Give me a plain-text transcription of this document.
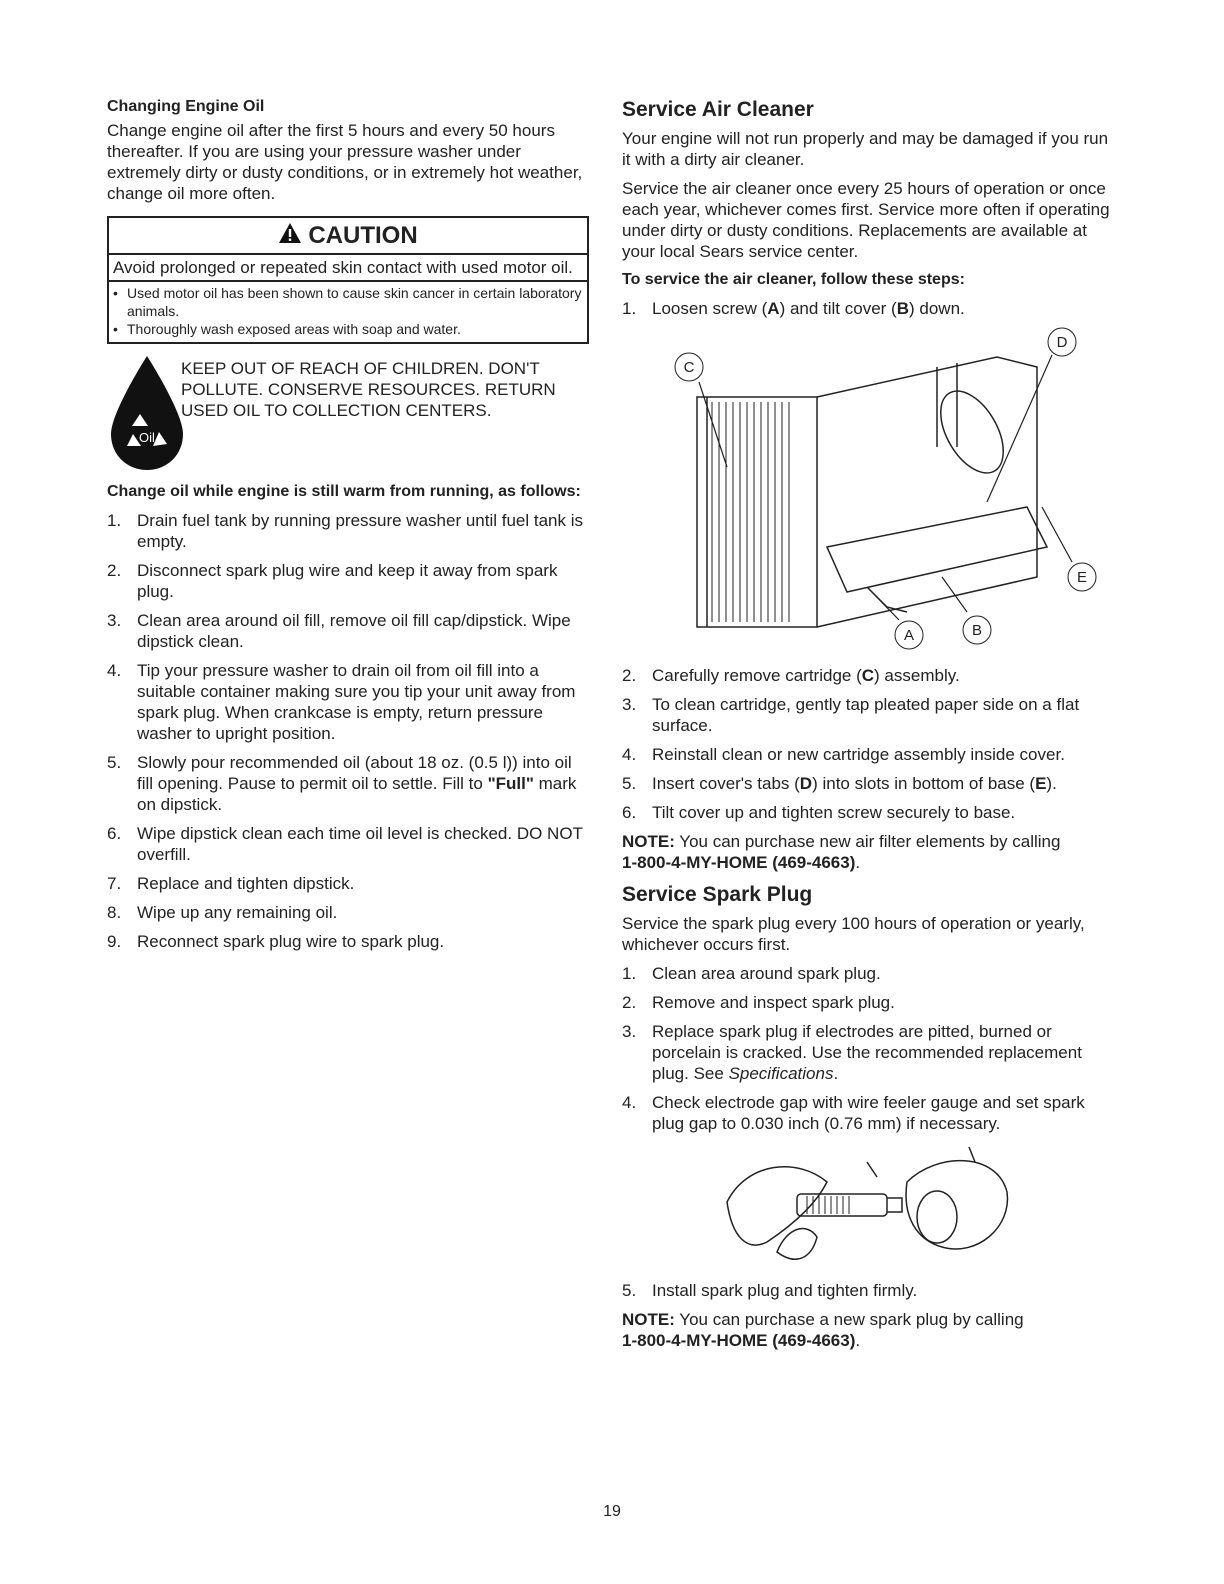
Changing Engine Oil

Change engine oil after the first 5 hours and every 50 hours thereafter. If you are using your pressure washer under extremely dirty or dusty conditions, or in extremely hot weather, change oil more often.

CAUTION
Avoid prolonged or repeated skin contact with used motor oil.
• Used motor oil has been shown to cause skin cancer in certain laboratory animals.
• Thoroughly wash exposed areas with soap and water.
Oil
KEEP OUT OF REACH OF CHILDREN. DON'T POLLUTE. CONSERVE RESOURCES. RETURN USED OIL TO COLLECTION CENTERS.
Change oil while engine is still warm from running, as follows:
1. Drain fuel tank by running pressure washer until fuel tank is empty.
2. Disconnect spark plug wire and keep it away from spark plug.
3. Clean area around oil fill, remove oil fill cap/dipstick. Wipe dipstick clean.
4. Tip your pressure washer to drain oil from oil fill into a suitable container making sure you tip your unit away from spark plug. When crankcase is empty, return pressure washer to upright position.
5. Slowly pour recommended oil (about 18 oz. (0.5 l)) into oil fill opening. Pause to permit oil to settle. Fill to "Full" mark on dipstick.
6. Wipe dipstick clean each time oil level is checked. DO NOT overfill.
7. Replace and tighten dipstick.
8. Wipe up any remaining oil.
9. Reconnect spark plug wire to spark plug.
Service Air Cleaner

Your engine will not run properly and may be damaged if you run it with a dirty air cleaner.

Service the air cleaner once every 25 hours of operation or once each year, whichever comes first. Service more often if operating under dirty or dusty conditions. Replacements are available at your local Sears service center.

To service the air cleaner, follow these steps:
1. Loosen screw (A) and tilt cover (B) down.
C
D
E
A	B
2. Carefully remove cartridge (C) assembly.
3. To clean cartridge, gently tap pleated paper side on a flat surface.
4. Reinstall clean or new cartridge assembly inside cover.
5. Insert cover's tabs (D) into slots in bottom of base (E).
6. Tilt cover up and tighten screw securely to base.
NOTE: You can purchase new air filter elements by calling
1-800-4-MY-HOME (469-4663).
Service Spark Plug

Service the spark plug every 100 hours of operation or yearly, whichever occurs first.

1. Clean area around spark plug.
2. Remove and inspect spark plug.
3. Replace spark plug if electrodes are pitted, burned or porcelain is cracked. Use the recommended replacement plug. See Specifications.
4. Check electrode gap with wire feeler gauge and set spark plug gap to 0.030 inch (0.76 mm) if necessary.
5. Install spark plug and tighten firmly.
NOTE: You can purchase a new spark plug by calling
1-800-4-MY-HOME (469-4663).
19
